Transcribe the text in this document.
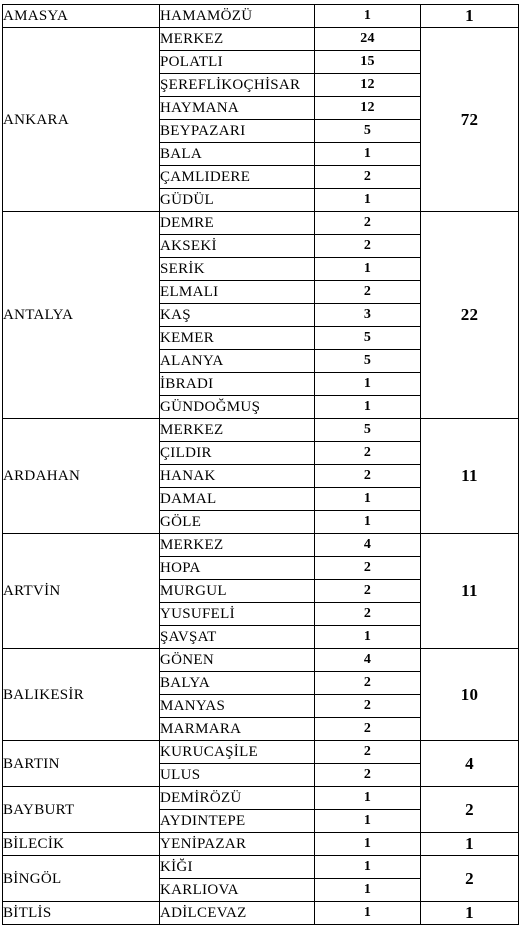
AMASYA	HAMAMÖZÜ	1	1
ANKARA	MERKEZ	24	72
	POLATLI	15	
	ŞEREFLİKOÇHİSAR	12	
	HAYMANA	12	
	BEYPAZARI	5	
	BALA	1	
	ÇAMLIDERE	2	
	GÜDÜL	1	
ANTALYA	DEMRE	2	22
	AKSEKİ	2	
	SERİK	1	
	ELMALI	2	
	KAŞ	3	
	KEMER	5	
	ALANYA	5	
	İBRADI	1	
	GÜNDOĞMUŞ	1	
ARDAHAN	MERKEZ	5	11
	ÇILDIR	2	
	HANAK	2	
	DAMAL	1	
	GÖLE	1	
ARTVİN	MERKEZ	4	11
	HOPA	2	
	MURGUL	2	
	YUSUFELİ	2	
	ŞAVŞAT	1	
BALIKESİR	GÖNEN	4	10
	BALYA	2	
	MANYAS	2	
	MARMARA	2	
BARTIN	KURUCAŞİLE	2	4
	ULUS	2	
BAYBURT	DEMİRÖZÜ	1	2
	AYDINTEPE	1	
BİLECİK	YENİPAZAR	1	1
BİNGÖL	KİĞI	1	2
	KARLIOVA	1	
BİTLİS	ADİLCEVAZ	1	1
